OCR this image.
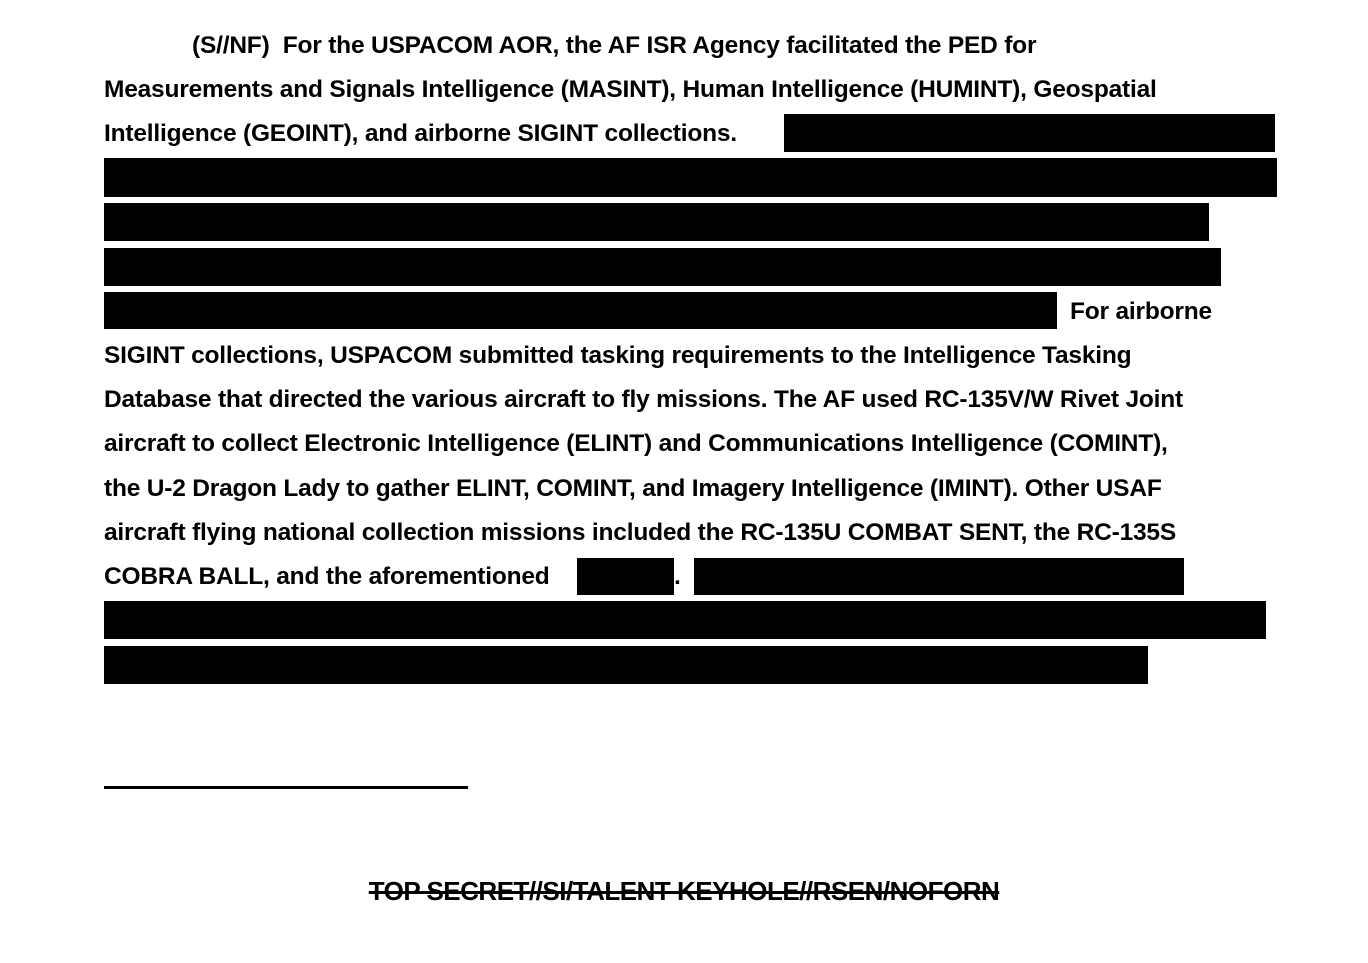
(S//NF) For the USPACOM AOR, the AF ISR Agency facilitated the PED for
Measurements and Signals Intelligence (MASINT), Human Intelligence (HUMINT), Geospatial
Intelligence (GEOINT), and airborne SIGINT collections.
For airborne
SIGINT collections, USPACOM submitted tasking requirements to the Intelligence Tasking
Database that directed the various aircraft to fly missions. The AF used RC-135V/W Rivet Joint
aircraft to collect Electronic Intelligence (ELINT) and Communications Intelligence (COMINT),
the U-2 Dragon Lady to gather ELINT, COMINT, and Imagery Intelligence (IMINT). Other USAF
aircraft flying national collection missions included the RC-135U COMBAT SENT, the RC-135S
COBRA BALL, and the aforementioned	.
TOP SECRET//SI/TALENT KEYHOLE//RSEN/NOFORN
